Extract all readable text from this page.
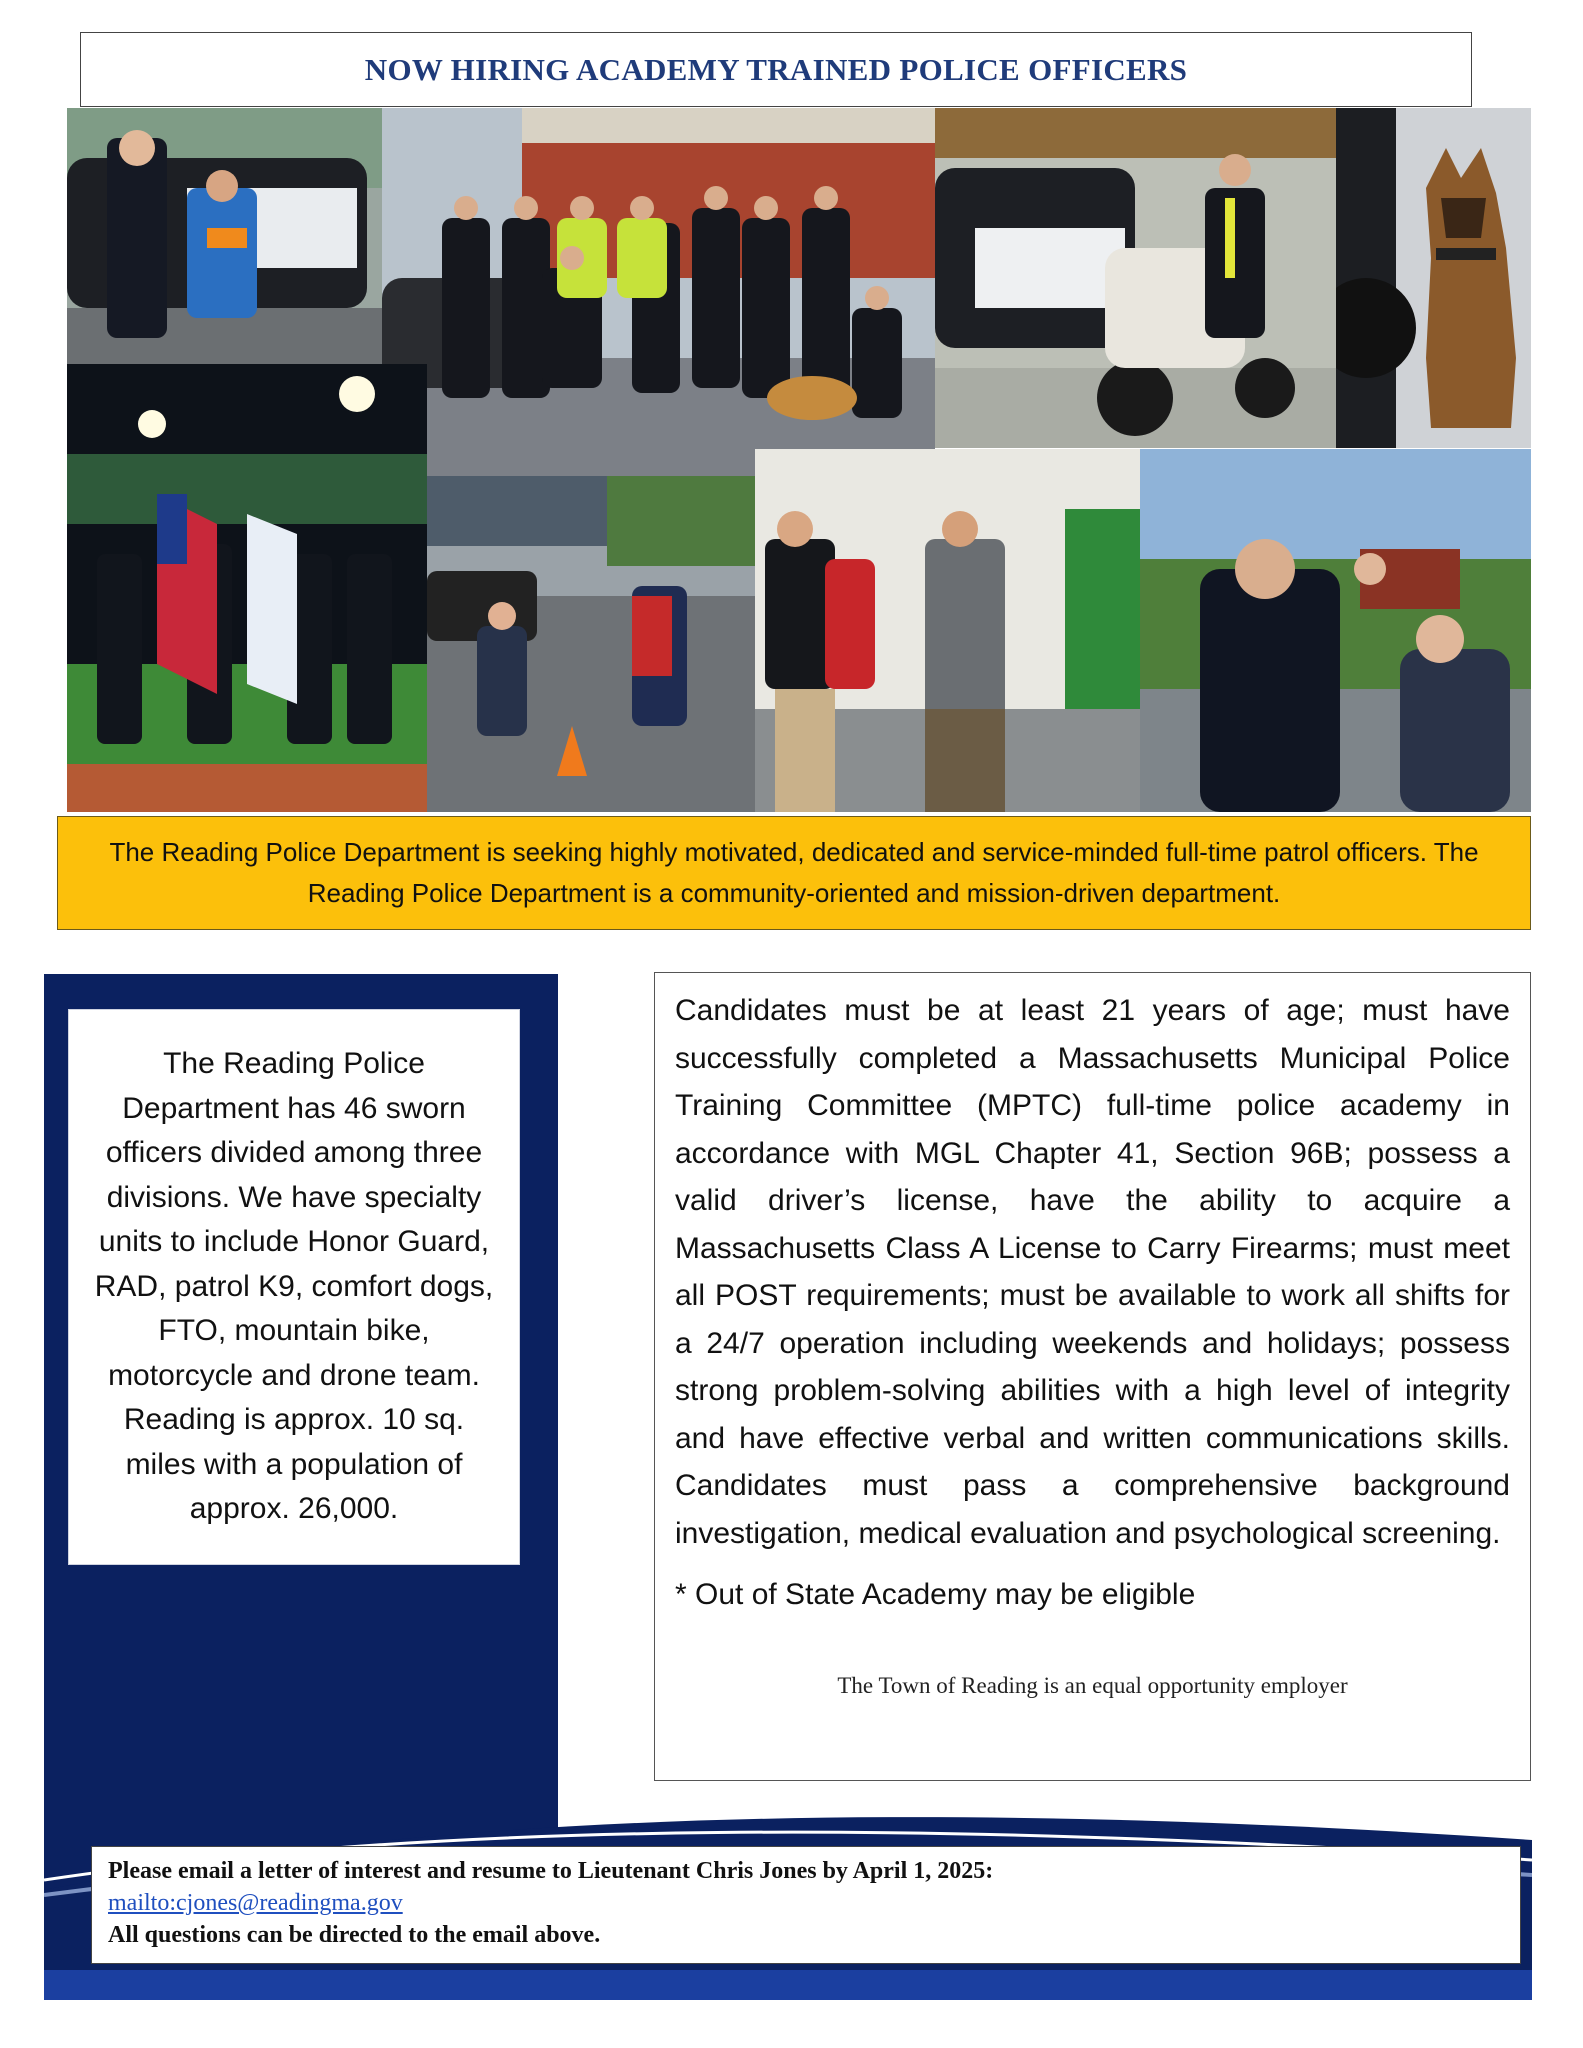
NOW HIRING ACADEMY TRAINED POLICE OFFICERS

The Reading Police Department is seeking highly motivated, dedicated and service-minded full-time patrol officers. The Reading Police Department is a community-oriented and mission-driven department.

The Reading Police Department has 46 sworn officers divided among three divisions. We have specialty units to include Honor Guard, RAD, patrol K9, comfort dogs, FTO, mountain bike, motorcycle and drone team. Reading is approx. 10 sq. miles with a population of approx. 26,000.

Candidates must be at least 21 years of age; must have successfully completed a Massachusetts Municipal Police Training Committee (MPTC) full-time police academy in accordance with MGL Chapter 41, Section 96B; possess a valid driver’s license, have the ability to acquire a Massachusetts Class A License to Carry Firearms; must meet all POST requirements; must be available to work all shifts for a 24/7 operation including weekends and holidays; possess strong problem-solving abilities with a high level of integrity and have effective verbal and written communications skills. Candidates must pass a comprehensive background investigation, medical evaluation and psychological screening.

* Out of State Academy may be eligible

The Town of Reading is an equal opportunity employer

Please email a letter of interest and resume to Lieutenant Chris Jones by April 1, 2025:
mailto:cjones@readingma.gov
All questions can be directed to the email above.
